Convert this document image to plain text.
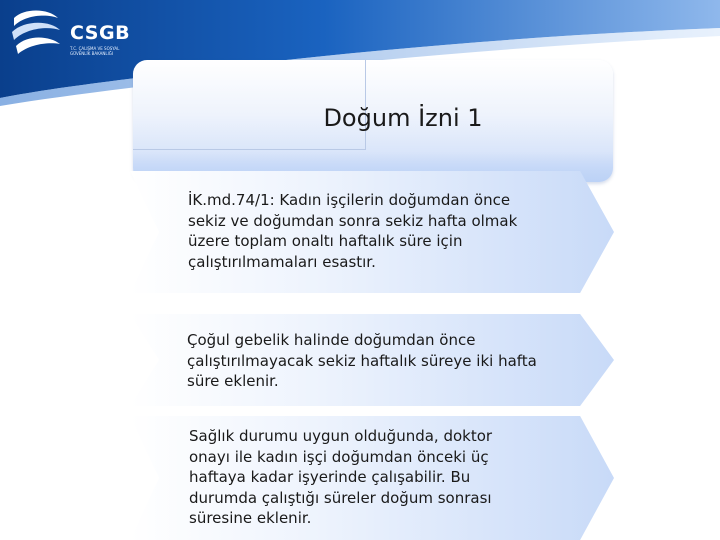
CSGB
T.C. ÇALIŞMA VE SOSYAL GÜVENLİK BAKANLIĞI
Doğum İzni 1
İK.md.74/1: Kadın işçilerin doğumdan önce
sekiz ve doğumdan sonra sekiz hafta olmak
üzere toplam onaltı haftalık süre için
çalıştırılmamaları esastır.
Çoğul gebelik halinde doğumdan önce
çalıştırılmayacak sekiz haftalık süreye iki hafta
süre eklenir.
Sağlık durumu uygun olduğunda, doktor
onayı ile kadın işçi doğumdan önceki üç
haftaya kadar işyerinde çalışabilir. Bu
durumda çalıştığı süreler doğum sonrası
süresine eklenir.
